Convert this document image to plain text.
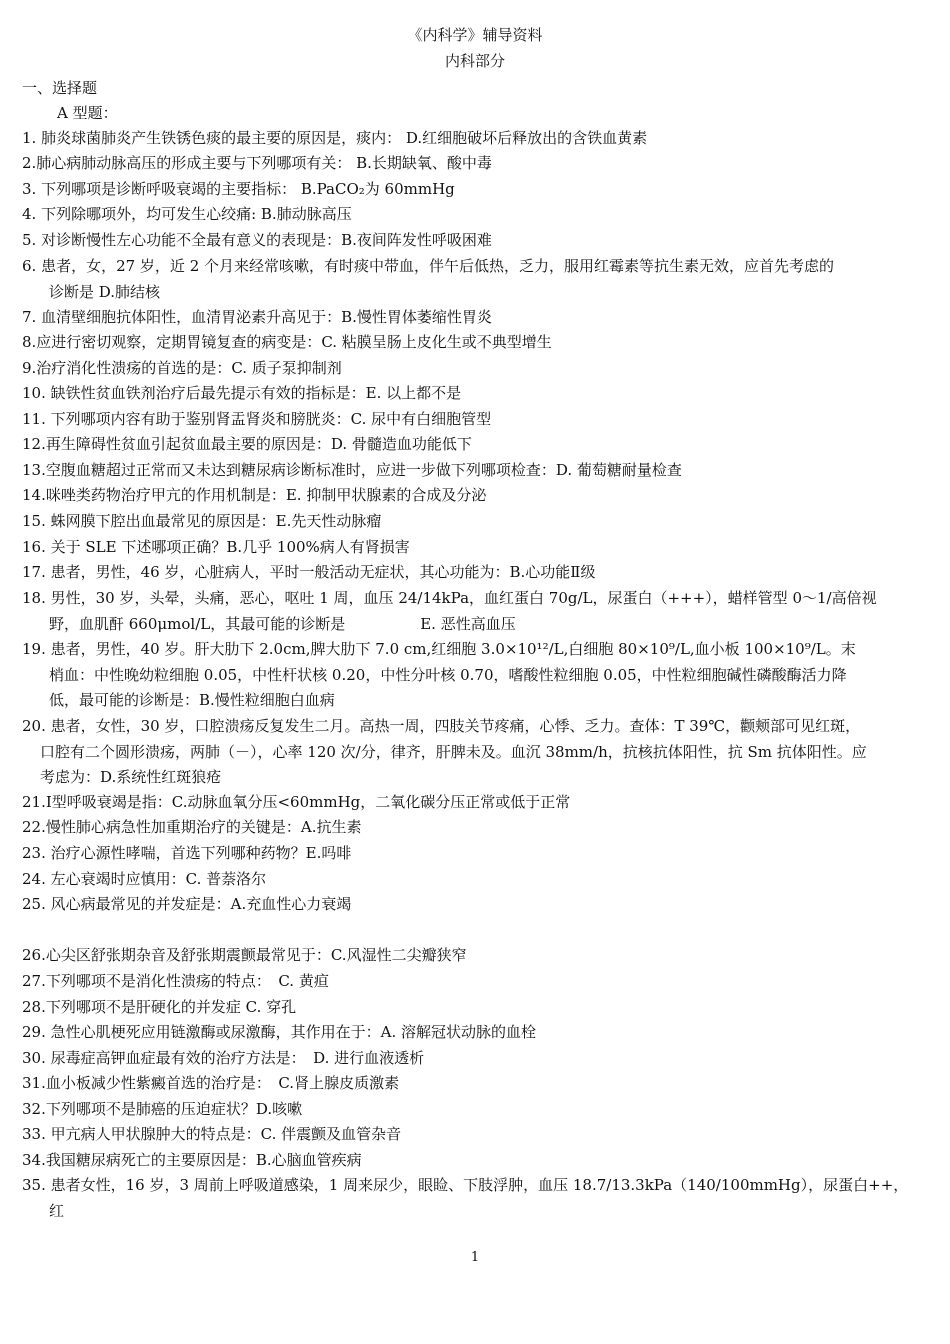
《内科学》辅导资料
内科部分
一、选择题
A 型题：
1. 肺炎球菌肺炎产生铁锈色痰的最主要的原因是，痰内： D.红细胞破坏后释放出的含铁血黄素
2.肺心病肺动脉高压的形成主要与下列哪项有关： B.长期缺氧、酸中毒
3. 下列哪项是诊断呼吸衰竭的主要指标： B.PaCO₂为 60mmHg
4. 下列除哪项外，均可发生心绞痛: B.肺动脉高压
5. 对诊断慢性左心功能不全最有意义的表现是：B.夜间阵发性呼吸困难
6. 患者，女，27 岁，近 2 个月来经常咳嗽，有时痰中带血，伴午后低热，乏力，服用红霉素等抗生素无效，应首先考虑的
诊断是 D.肺结核
7. 血清壁细胞抗体阳性，血清胃泌素升高见于：B.慢性胃体萎缩性胃炎
8.应进行密切观察，定期胃镜复查的病变是：C. 粘膜呈肠上皮化生或不典型增生
9.治疗消化性溃疡的首选的是：C. 质子泵抑制剂
10. 缺铁性贫血铁剂治疗后最先提示有效的指标是：E. 以上都不是
11. 下列哪项内容有助于鉴别肾盂肾炎和膀胱炎：C. 尿中有白细胞管型
12.再生障碍性贫血引起贫血最主要的原因是：D. 骨髓造血功能低下
13.空腹血糖超过正常而又未达到糖尿病诊断标准时，应进一步做下列哪项检查：D. 葡萄糖耐量检查
14.咪唑类药物治疗甲亢的作用机制是：E. 抑制甲状腺素的合成及分泌
15. 蛛网膜下腔出血最常见的原因是：E.先天性动脉瘤
16. 关于 SLE 下述哪项正确？B.几乎 100%病人有肾损害
17. 患者，男性，46 岁，心脏病人，平时一般活动无症状，其心功能为：B.心功能Ⅱ级
18. 男性，30 岁，头晕，头痛，恶心，呕吐 1 周，血压 24/14kPa，血红蛋白 70g/L，尿蛋白（+++），蜡样管型 0～1/高倍视
野，血肌酐 660μmol/L，其最可能的诊断是　　　　　E. 恶性高血压
19. 患者，男性，40 岁。肝大肋下 2.0cm,脾大肋下 7.0 cm,红细胞 3.0×10¹²/L,白细胞 80×10⁹/L,血小板 100×10⁹/L。末
梢血：中性晚幼粒细胞 0.05，中性杆状核 0.20，中性分叶核 0.70，嗜酸性粒细胞 0.05，中性粒细胞碱性磷酸酶活力降
低，最可能的诊断是：B.慢性粒细胞白血病
20. 患者，女性，30 岁，口腔溃疡反复发生二月。高热一周，四肢关节疼痛，心悸、乏力。查体：T 39℃，颧颊部可见红斑，
口腔有二个圆形溃疡，两肺（－），心率 120 次/分，律齐，肝脾未及。血沉 38mm/h，抗核抗体阳性，抗 Sm 抗体阳性。应
考虑为：D.系统性红斑狼疮
21.Ⅰ型呼吸衰竭是指：C.动脉血氧分压<60mmHg，二氧化碳分压正常或低于正常
22.慢性肺心病急性加重期治疗的关键是：A.抗生素
23. 治疗心源性哮喘，首选下列哪种药物？E.吗啡
24. 左心衰竭时应慎用：C. 普萘洛尔
25. 风心病最常见的并发症是：A.充血性心力衰竭
26.心尖区舒张期杂音及舒张期震颤最常见于：C.风湿性二尖瓣狭窄
27.下列哪项不是消化性溃疡的特点：　C. 黄疸
28.下列哪项不是肝硬化的并发症 C. 穿孔
29. 急性心肌梗死应用链激酶或尿激酶，其作用在于：A. 溶解冠状动脉的血栓
30. 尿毒症高钾血症最有效的治疗方法是：　D. 进行血液透析
31.血小板减少性紫癜首选的治疗是：　C.肾上腺皮质激素
32.下列哪项不是肺癌的压迫症状？D.咳嗽
33. 甲亢病人甲状腺肿大的特点是：C. 伴震颤及血管杂音
34.我国糖尿病死亡的主要原因是：B.心脑血管疾病
35. 患者女性，16 岁，3 周前上呼吸道感染，1 周来尿少，眼睑、下肢浮肿，血压 18.7/13.3kPa（140/100mmHg），尿蛋白++，
红
1
